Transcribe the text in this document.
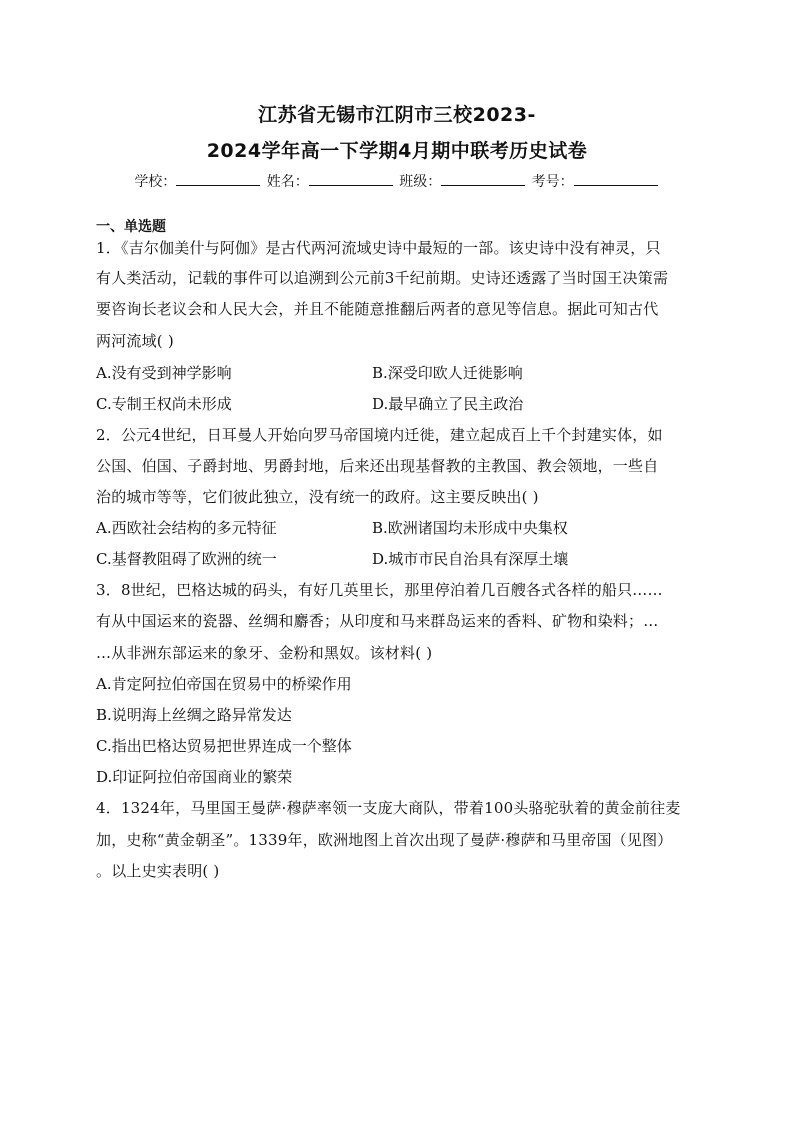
江苏省无锡市江阴市三校2023-
2024学年高一下学期4月期中联考历史试卷
学校：	姓名：	班级：	考号：
一、单选题
1．《吉尔伽美什与阿伽》是古代两河流域史诗中最短的一部。该史诗中没有神灵，只
有人类活动，记载的事件可以追溯到公元前3千纪前期。史诗还透露了当时国王决策需
要咨询长老议会和人民大会，并且不能随意推翻后两者的意见等信息。据此可知古代
两河流域( )
A.没有受到神学影响	B.深受印欧人迁徙影响
C.专制王权尚未形成	D.最早确立了民主政治
2．公元4世纪，日耳曼人开始向罗马帝国境内迁徙，建立起成百上千个封建实体，如
公国、伯国、子爵封地、男爵封地，后来还出现基督教的主教国、教会领地，一些自
治的城市等等，它们彼此独立，没有统一的政府。这主要反映出( )
A.西欧社会结构的多元特征	B.欧洲诸国均未形成中央集权
C.基督教阻碍了欧洲的统一	D.城市市民自治具有深厚土壤
3．8世纪，巴格达城的码头，有好几英里长，那里停泊着几百艘各式各样的船只……
有从中国运来的瓷器、丝绸和麝香；从印度和马来群岛运来的香料、矿物和染料；…
…从非洲东部运来的象牙、金粉和黑奴。该材料( )
A.肯定阿拉伯帝国在贸易中的桥梁作用
B.说明海上丝绸之路异常发达
C.指出巴格达贸易把世界连成一个整体
D.印证阿拉伯帝国商业的繁荣
4．1324年，马里国王曼萨·穆萨率领一支庞大商队，带着100头骆驼驮着的黄金前往麦
加，史称“黄金朝圣”。1339年，欧洲地图上首次出现了曼萨·穆萨和马里帝国（见图）
。以上史实表明( )
